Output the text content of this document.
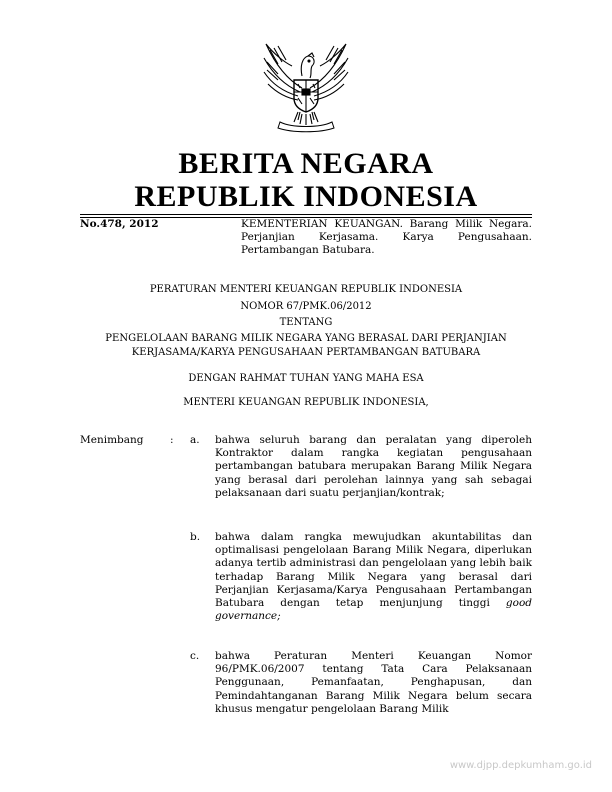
BERITA NEGARA
REPUBLIK INDONESIA
No.478, 2012	KEMENTERIAN KEUANGAN. Barang Milik Negara. Perjanjian Kerjasama. Karya Pengusahaan. Pertambangan Batubara.
PERATURAN MENTERI KEUANGAN REPUBLIK INDONESIA
NOMOR 67/PMK.06/2012
TENTANG
PENGELOLAAN BARANG MILIK NEGARA YANG BERASAL DARI PERJANJIAN
KERJASAMA/KARYA PENGUSAHAAN PERTAMBANGAN BATUBARA
DENGAN RAHMAT TUHAN YANG MAHA ESA
MENTERI KEUANGAN REPUBLIK INDONESIA,
Menimbang	: a. bahwa seluruh barang dan peralatan yang diperoleh Kontraktor dalam rangka kegiatan pengusahaan pertambangan batubara merupakan Barang Milik Negara yang berasal dari perolehan lainnya yang sah sebagai pelaksanaan dari suatu perjanjian/kontrak;
b. bahwa dalam rangka mewujudkan akuntabilitas dan optimalisasi pengelolaan Barang Milik Negara, diperlukan adanya tertib administrasi dan pengelolaan yang lebih baik terhadap Barang Milik Negara yang berasal dari Perjanjian Kerjasama/Karya Pengusahaan Pertambangan Batubara dengan tetap menjunjung tinggi good governance;
c. bahwa Peraturan Menteri Keuangan Nomor 96/PMK.06/2007 tentang Tata Cara Pelaksanaan Penggunaan, Pemanfaatan, Penghapusan, dan Pemindahtanganan Barang Milik Negara belum secara khusus mengatur pengelolaan Barang Milik
www.djpp.depkumham.go.id
